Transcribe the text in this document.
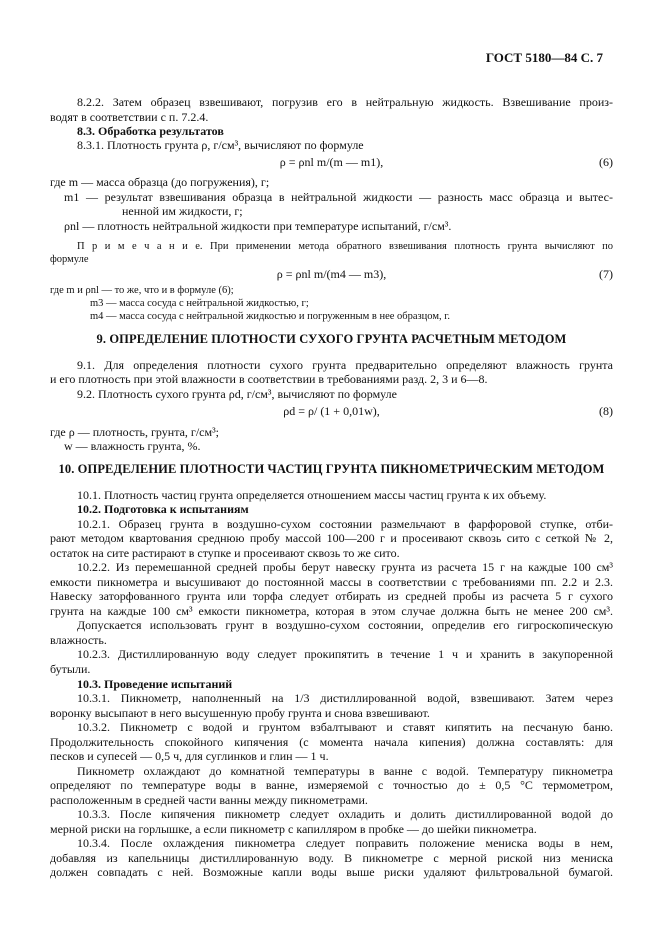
ГОСТ 5180—84 С. 7
8.2.2. Затем образец взвешивают, погрузив его в нейтральную жидкость. Взвешивание произ-
водят в соответствии с п. 7.2.4.
8.3. Обработка результатов
8.3.1. Плотность грунта ρ, г/см³, вычисляют по формуле
ρ = ρnl m/(m — m1),	(6)
где m — масса образца (до погружения), г;
m1 — результат взвешивания образца в нейтральной жидкости — разность масс образца и вытес-
ненной им жидкости, г;
ρnl — плотность нейтральной жидкости при температуре испытаний, г/см³.
П р и м е ч а н и е. При применении метода обратного взвешивания плотность грунта вычисляют по
формуле
ρ = ρnl m/(m4 — m3),	(7)
где m и ρnl — то же, что и в формуле (6);
m3 — масса сосуда с нейтральной жидкостью, г;
m4 — масса сосуда с нейтральной жидкостью и погруженным в нее образцом, г.
9. ОПРЕДЕЛЕНИЕ ПЛОТНОСТИ СУХОГО ГРУНТА РАСЧЕТНЫМ МЕТОДОМ
9.1. Для определения плотности сухого грунта предварительно определяют влажность грунта
и его плотность при этой влажности в соответствии в требованиями разд. 2, 3 и 6—8.
9.2. Плотность сухого грунта ρd, г/см³, вычисляют по формуле
ρd = ρ/ (1 + 0,01w),	(8)
где ρ — плотность, грунта, г/см³;
w — влажность грунта, %.
10. ОПРЕДЕЛЕНИЕ ПЛОТНОСТИ ЧАСТИЦ ГРУНТА ПИКНОМЕТРИЧЕСКИМ МЕТОДОМ
10.1. Плотность частиц грунта определяется отношением массы частиц грунта к их объему.
10.2. Подготовка к испытаниям
10.2.1. Образец грунта в воздушно-сухом состоянии размельчают в фарфоровой ступке, отби-
рают методом квартования среднюю пробу массой 100—200 г и просеивают сквозь сито с сеткой № 2,
остаток на сите растирают в ступке и просеивают сквозь то же сито.
10.2.2. Из перемешанной средней пробы берут навеску грунта из расчета 15 г на каждые 100 см³
емкости пикнометра и высушивают до постоянной массы в соответствии с требованиями пп. 2.2 и 2.3.
Навеску заторфованного грунта или торфа следует отбирать из средней пробы из расчета 5 г сухого
грунта на каждые 100 см³ емкости пикнометра, которая в этом случае должна быть не менее 200 см³.
Допускается использовать грунт в воздушно-сухом состоянии, определив его гигроскопическую
влажность.
10.2.3. Дистиллированную воду следует прокипятить в течение 1 ч и хранить в закупоренной
бутыли.
10.3. Проведение испытаний
10.3.1. Пикнометр, наполненный на 1/3 дистиллированной водой, взвешивают. Затем через
воронку высыпают в него высушенную пробу грунта и снова взвешивают.
10.3.2. Пикнометр с водой и грунтом взбалтывают и ставят кипятить на песчаную баню.
Продолжительность спокойного кипячения (с момента начала кипения) должна составлять: для
песков и супесей — 0,5 ч, для суглинков и глин — 1 ч.
Пикнометр охлаждают до комнатной температуры в ванне с водой. Температуру пикнометра
определяют по температуре воды в ванне, измеряемой с точностью до ± 0,5 °С термометром,
расположенным в средней части ванны между пикнометрами.
10.3.3. После кипячения пикнометр следует охладить и долить дистиллированной водой до
мерной риски на горлышке, а если пикнометр с капилляром в пробке — до шейки пикнометра.
10.3.4. После охлаждения пикнометра следует поправить положение мениска воды в нем,
добавляя из капельницы дистиллированную воду. В пикнометре с мерной риской низ мениска
должен совпадать с ней. Возможные капли воды выше риски удаляют фильтровальной бумагой.
